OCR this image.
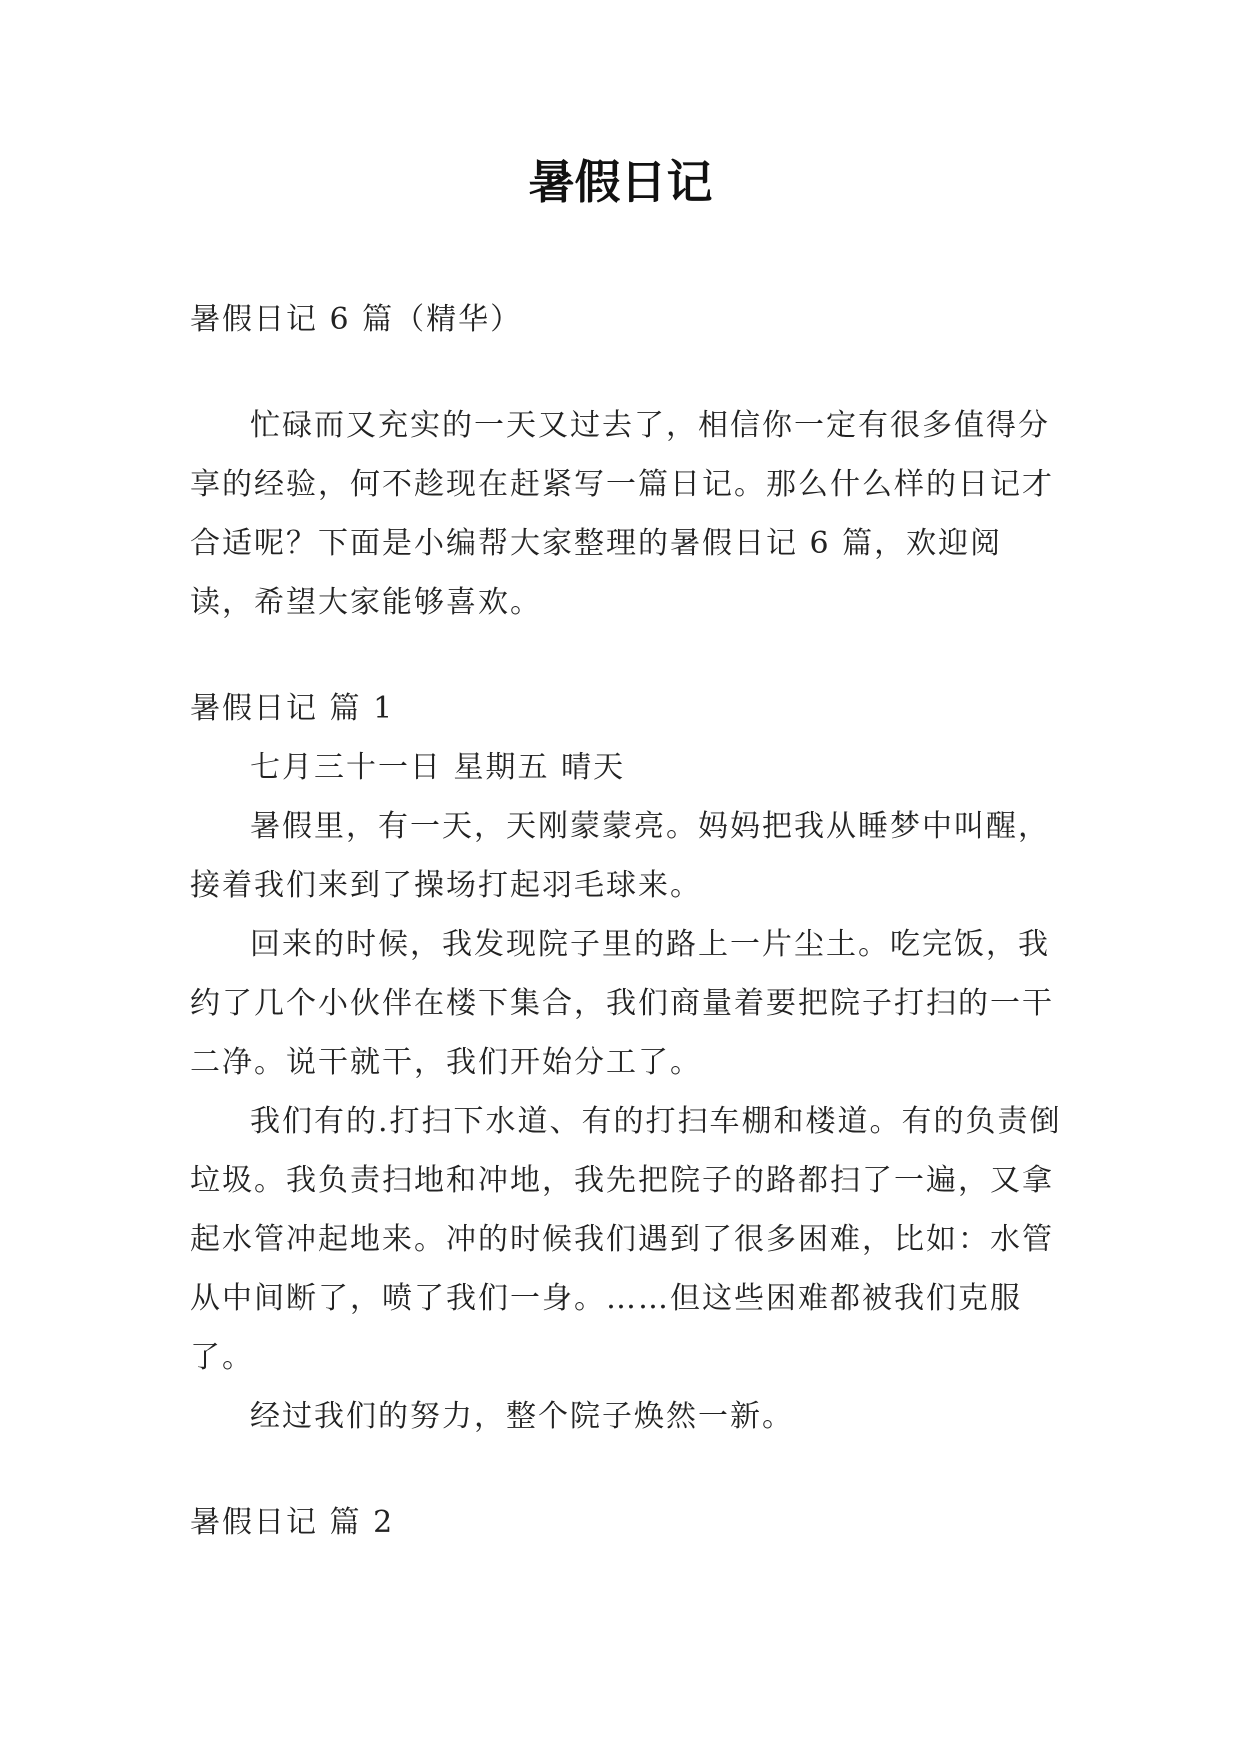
暑假日记

暑假日记 6 篇（精华）

忙碌而又充实的一天又过去了，相信你一定有很多值得分享的经验，何不趁现在赶紧写一篇日记。那么什么样的日记才合适呢？下面是小编帮大家整理的暑假日记 6 篇，欢迎阅读，希望大家能够喜欢。

暑假日记 篇 1

七月三十一日 星期五 晴天

暑假里，有一天，天刚蒙蒙亮。妈妈把我从睡梦中叫醒，接着我们来到了操场打起羽毛球来。

回来的时候，我发现院子里的路上一片尘土。吃完饭，我约了几个小伙伴在楼下集合，我们商量着要把院子打扫的一干二净。说干就干，我们开始分工了。

我们有的.打扫下水道、有的打扫车棚和楼道。有的负责倒垃圾。我负责扫地和冲地，我先把院子的路都扫了一遍，又拿起水管冲起地来。冲的时候我们遇到了很多困难，比如：水管从中间断了，喷了我们一身。……但这些困难都被我们克服了。

经过我们的努力，整个院子焕然一新。

暑假日记 篇 2
